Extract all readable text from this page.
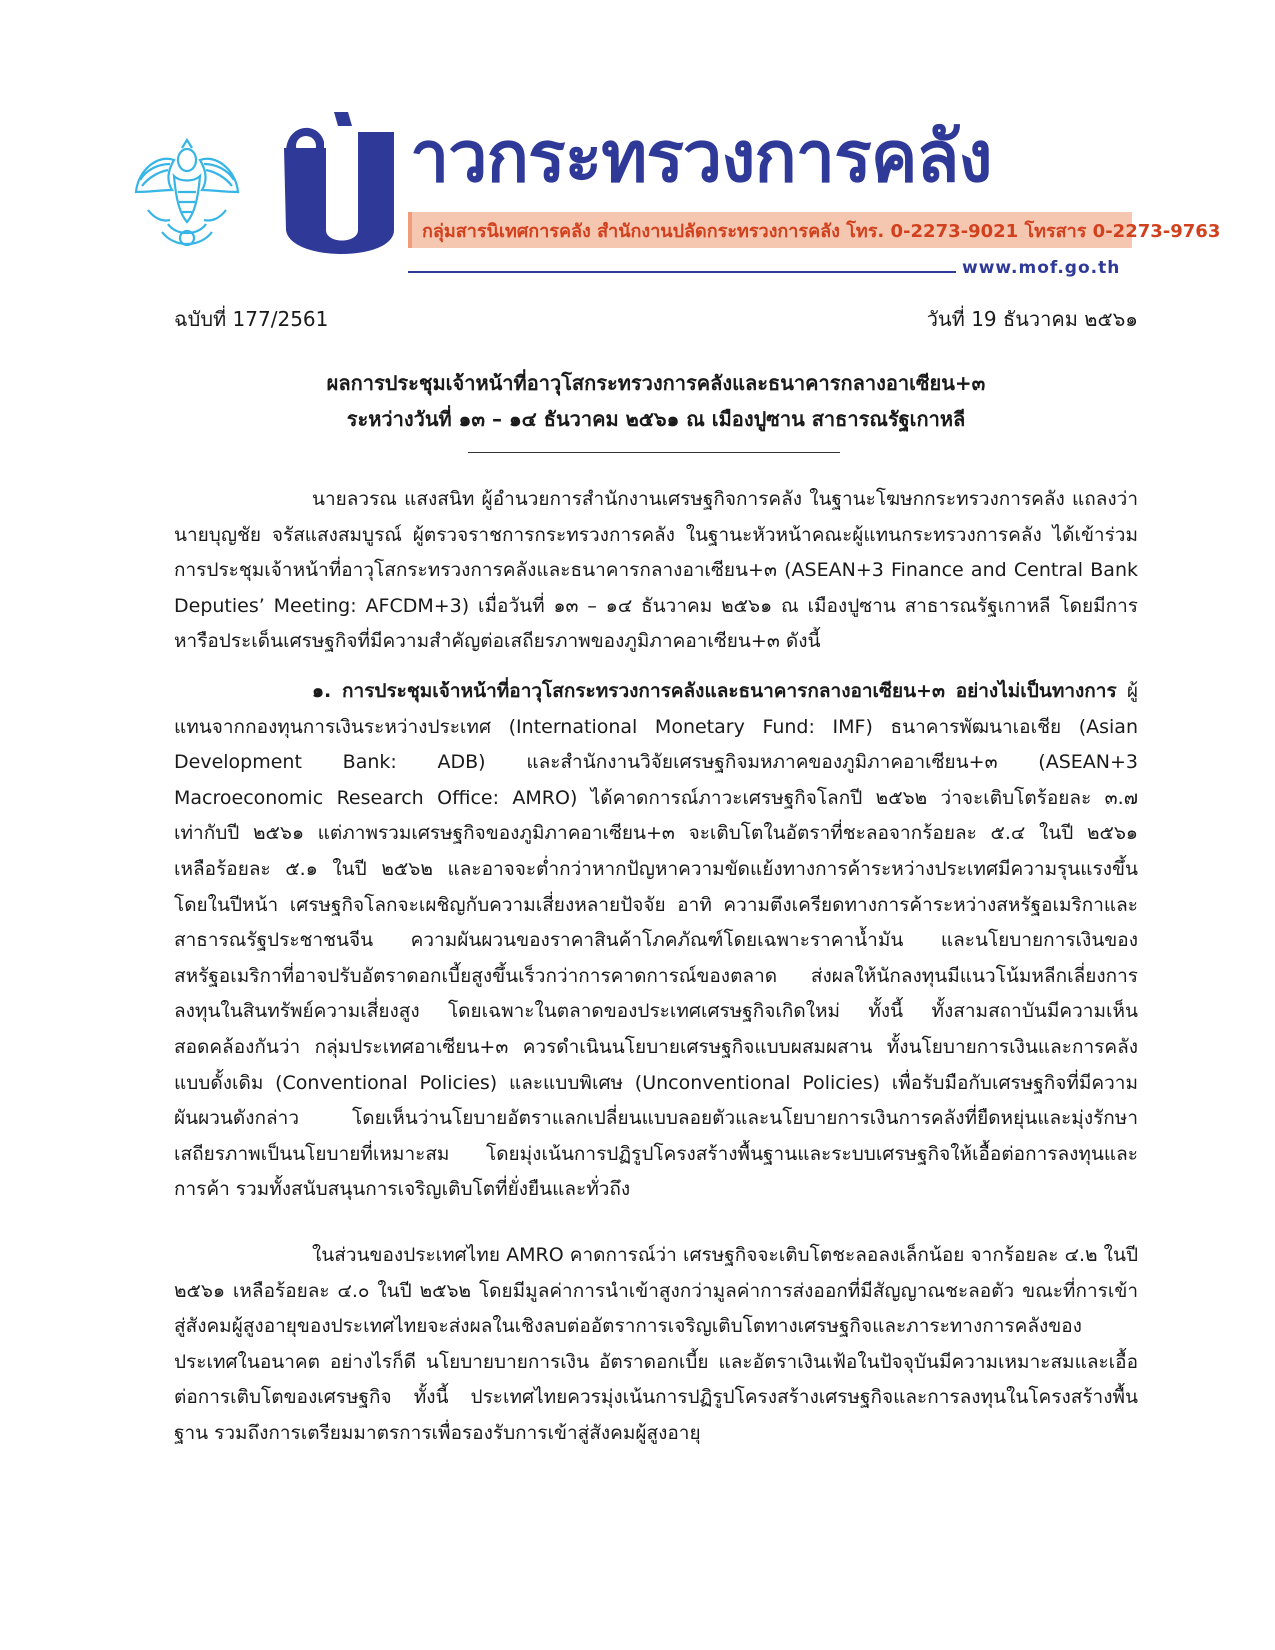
าวกระทรวงการคลัง
กลุ่มสารนิเทศการคลัง สำนักงานปลัดกระทรวงการคลัง โทร. 0-2273-9021 โทรสาร 0-2273-9763
www.mof.go.th
ฉบับที่ 177/2561	วันที่ 19 ธันวาคม ๒๕๖๑
ผลการประชุมเจ้าหน้าที่อาวุโสกระทรวงการคลังและธนาคารกลางอาเซียน+๓
ระหว่างวันที่ ๑๓ – ๑๔ ธันวาคม ๒๕๖๑ ณ เมืองปูซาน สาธารณรัฐเกาหลี
นายลวรณ แสงสนิท ผู้อำนวยการสำนักงานเศรษฐกิจการคลัง ในฐานะโฆษกกระทรวงการคลัง แถลงว่า นายบุญชัย จรัสแสงสมบูรณ์ ผู้ตรวจราชการกระทรวงการคลัง ในฐานะหัวหน้าคณะผู้แทนกระทรวงการคลัง ได้เข้าร่วมการประชุมเจ้าหน้าที่อาวุโสกระทรวงการคลังและธนาคารกลางอาเซียน+๓ (ASEAN+3 Finance and Central Bank Deputies’ Meeting: AFCDM+3) เมื่อวันที่ ๑๓ – ๑๔ ธันวาคม ๒๕๖๑ ณ เมืองปูซาน สาธารณรัฐเกาหลี โดยมีการหารือประเด็นเศรษฐกิจที่มีความสำคัญต่อเสถียรภาพของภูมิภาคอาเซียน+๓ ดังนี้
๑. การประชุมเจ้าหน้าที่อาวุโสกระทรวงการคลังและธนาคารกลางอาเซียน+๓ อย่างไม่เป็นทางการ ผู้แทนจากกองทุนการเงินระหว่างประเทศ (International Monetary Fund: IMF) ธนาคารพัฒนาเอเชีย (Asian Development Bank: ADB) และสำนักงานวิจัยเศรษฐกิจมหภาคของภูมิภาคอาเซียน+๓ (ASEAN+3 Macroeconomic Research Office: AMRO) ได้คาดการณ์ภาวะเศรษฐกิจโลกปี ๒๕๖๒ ว่าจะเติบโตร้อยละ ๓.๗ เท่ากับปี ๒๕๖๑ แต่ภาพรวมเศรษฐกิจของภูมิภาคอาเซียน+๓ จะเติบโตในอัตราที่ชะลอจากร้อยละ ๕.๔ ในปี ๒๕๖๑ เหลือร้อยละ ๕.๑ ในปี ๒๕๖๒ และอาจจะต่ำกว่าหากปัญหาความขัดแย้งทางการค้าระหว่างประเทศมีความรุนแรงขึ้น โดยในปีหน้า เศรษฐกิจโลกจะเผชิญกับความเสี่ยงหลายปัจจัย อาทิ ความตึงเครียดทางการค้าระหว่างสหรัฐอเมริกาและสาธารณรัฐประชาชนจีน ความผันผวนของราคาสินค้าโภคภัณฑ์โดยเฉพาะราคาน้ำมัน และนโยบายการเงินของสหรัฐอเมริกาที่อาจปรับอัตราดอกเบี้ยสูงขึ้นเร็วกว่าการคาดการณ์ของตลาด ส่งผลให้นักลงทุนมีแนวโน้มหลีกเลี่ยงการลงทุนในสินทรัพย์ความเสี่ยงสูง โดยเฉพาะในตลาดของประเทศเศรษฐกิจเกิดใหม่ ทั้งนี้ ทั้งสามสถาบันมีความเห็นสอดคล้องกันว่า กลุ่มประเทศอาเซียน+๓ ควรดำเนินนโยบายเศรษฐกิจแบบผสมผสาน ทั้งนโยบายการเงินและการคลังแบบดั้งเดิม (Conventional Policies) และแบบพิเศษ (Unconventional Policies) เพื่อรับมือกับเศรษฐกิจที่มีความผันผวนดังกล่าว โดยเห็นว่านโยบายอัตราแลกเปลี่ยนแบบลอยตัวและนโยบายการเงินการคลังที่ยืดหยุ่นและมุ่งรักษาเสถียรภาพเป็นนโยบายที่เหมาะสม โดยมุ่งเน้นการปฏิรูปโครงสร้างพื้นฐานและระบบเศรษฐกิจให้เอื้อต่อการลงทุนและการค้า รวมทั้งสนับสนุนการเจริญเติบโตที่ยั่งยืนและทั่วถึง
ในส่วนของประเทศไทย AMRO คาดการณ์ว่า เศรษฐกิจจะเติบโตชะลอลงเล็กน้อย จากร้อยละ ๔.๒ ในปี ๒๕๖๑ เหลือร้อยละ ๔.๐ ในปี ๒๕๖๒ โดยมีมูลค่าการนำเข้าสูงกว่ามูลค่าการส่งออกที่มีสัญญาณชะลอตัว ขณะที่การเข้าสู่สังคมผู้สูงอายุของประเทศไทยจะส่งผลในเชิงลบต่ออัตราการเจริญเติบโตทางเศรษฐกิจและภาระทางการคลังของประเทศในอนาคต อย่างไรก็ดี นโยบายบายการเงิน อัตราดอกเบี้ย และอัตราเงินเฟ้อในปัจจุบันมีความเหมาะสมและเอื้อต่อการเติบโตของเศรษฐกิจ ทั้งนี้ ประเทศไทยควรมุ่งเน้นการปฏิรูปโครงสร้างเศรษฐกิจและการลงทุนในโครงสร้างพื้นฐาน รวมถึงการเตรียมมาตรการเพื่อรองรับการเข้าสู่สังคมผู้สูงอายุ
